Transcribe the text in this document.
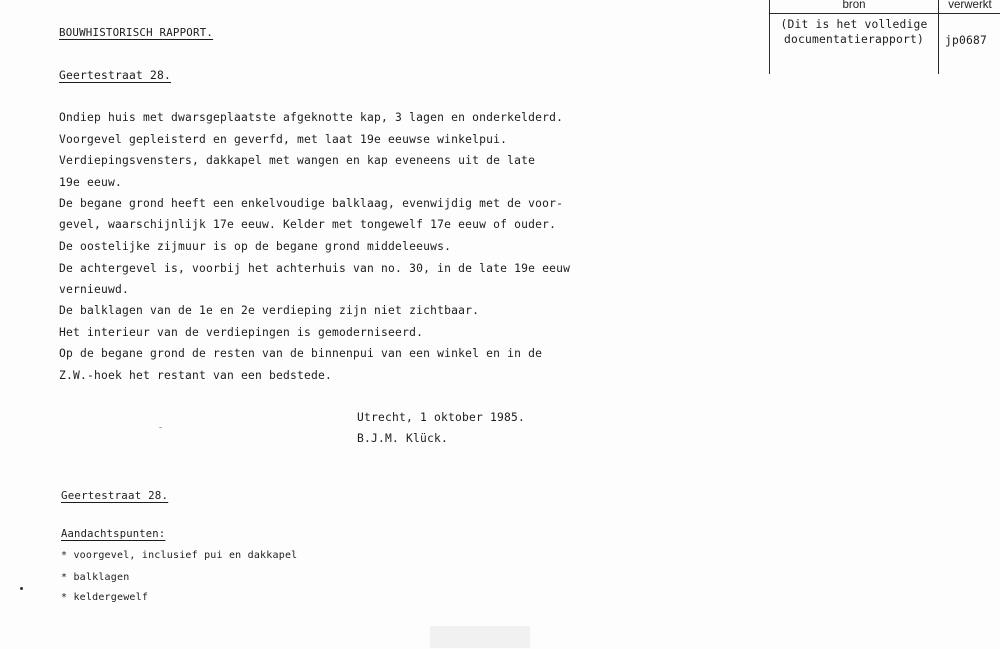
bron	verwerkt
(Dit is het volledige
documentatierapport)	jp0687
BOUWHISTORISCH RAPPORT.
Geertestraat 28.
Ondiep huis met dwarsgeplaatste afgeknotte kap, 3 lagen en onderkelderd.
Voorgevel gepleisterd en geverfd, met laat 19e eeuwse winkelpui.
Verdiepingsvensters, dakkapel met wangen en kap eveneens uit de late
19e eeuw.
De begane grond heeft een enkelvoudige balklaag, evenwijdig met de voor-
gevel, waarschijnlijk 17e eeuw. Kelder met tongewelf 17e eeuw of ouder.
De oostelijke zijmuur is op de begane grond middeleeuws.
De achtergevel is, voorbij het achterhuis van no. 30, in de late 19e eeuw
vernieuwd.
De balklagen van de 1e en 2e verdieping zijn niet zichtbaar.
Het interieur van de verdiepingen is gemoderniseerd.
Op de begane grond de resten van de binnenpui van een winkel en in de
Z.W.-hoek het restant van een bedstede.
Utrecht, 1 oktober 1985.
B.J.M. Klück.
Geertestraat 28.
Aandachtspunten:
* voorgevel, inclusief pui en dakkapel
* balklagen
* keldergewelf
